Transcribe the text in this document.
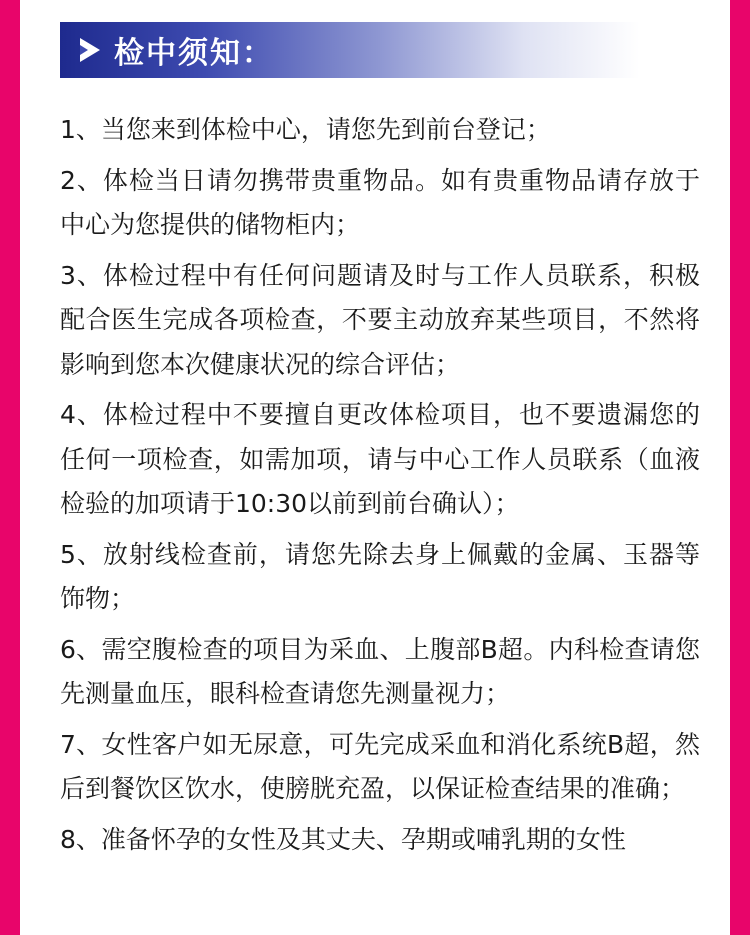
检中须知：

1、当您来到体检中心，请您先到前台登记；

2、体检当日请勿携带贵重物品。如有贵重物品请存放于中心为您提供的储物柜内；

3、体检过程中有任何问题请及时与工作人员联系，积极配合医生完成各项检查，不要主动放弃某些项目，不然将影响到您本次健康状况的综合评估；

4、体检过程中不要擅自更改体检项目，也不要遗漏您的任何一项检查，如需加项，请与中心工作人员联系（血液检验的加项请于10:30以前到前台确认）；

5、放射线检查前，请您先除去身上佩戴的金属、玉器等饰物；

6、需空腹检查的项目为采血、上腹部B超。内科检查请您先测量血压，眼科检查请您先测量视力；

7、女性客户如无尿意，可先完成采血和消化系统B超，然后到餐饮区饮水，使膀胱充盈，以保证检查结果的准确；

8、准备怀孕的女性及其丈夫、孕期或哺乳期的女性
